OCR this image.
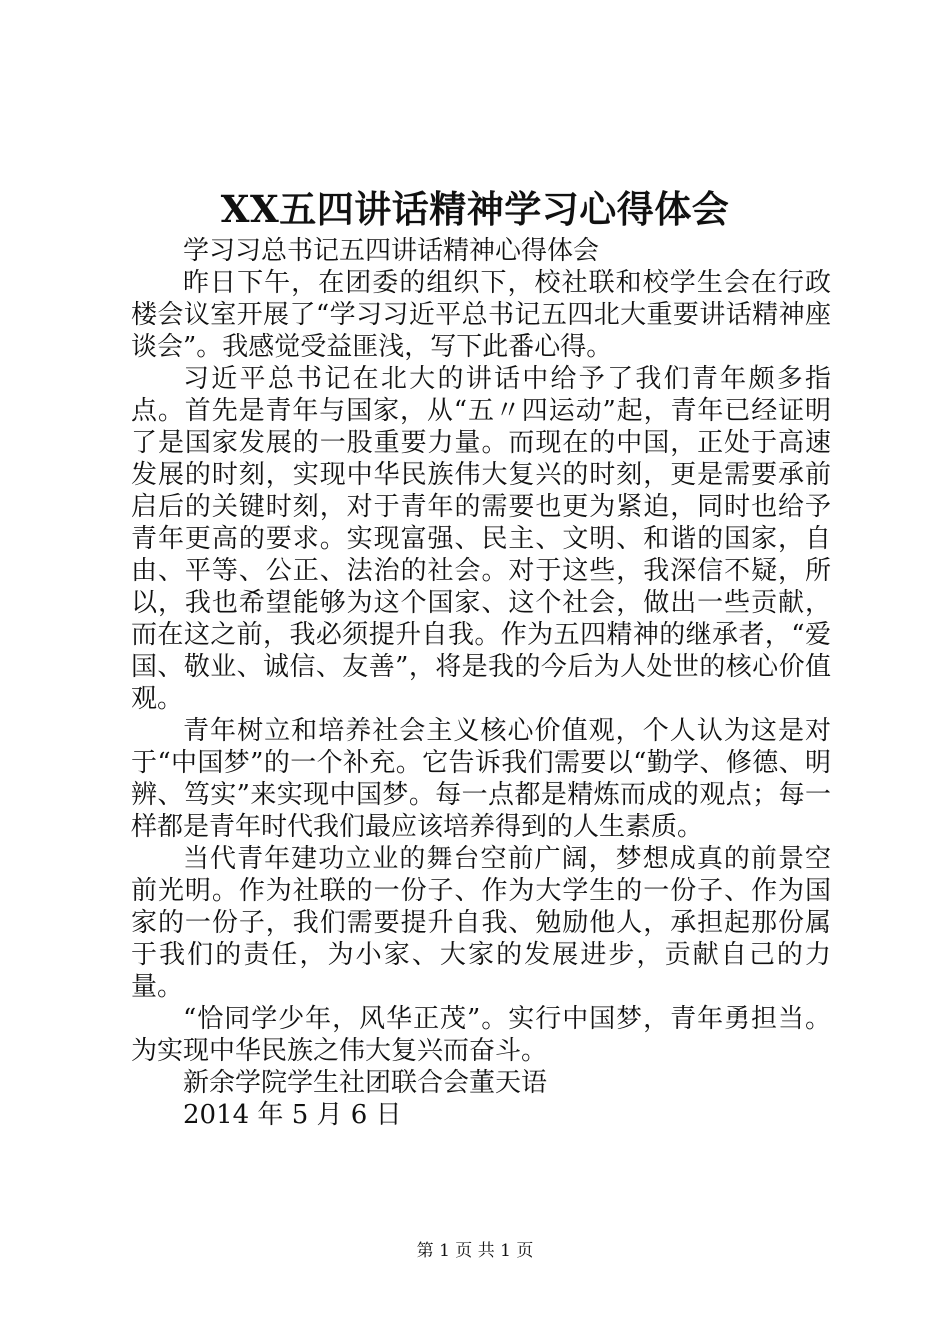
XX五四讲话精神学习心得体会

学习习总书记五四讲话精神心得体会

昨日下午，在团委的组织下，校社联和校学生会在行政楼会议室开展了“学习习近平总书记五四北大重要讲话精神座谈会”。我感觉受益匪浅，写下此番心得。

习近平总书记在北大的讲话中给予了我们青年颇多指点。首先是青年与国家，从“五〃四运动”起，青年已经证明了是国家发展的一股重要力量。而现在的中国，正处于高速发展的时刻，实现中华民族伟大复兴的时刻，更是需要承前启后的关键时刻，对于青年的需要也更为紧迫，同时也给予青年更高的要求。实现富强、民主、文明、和谐的国家，自由、平等、公正、法治的社会。对于这些，我深信不疑，所以，我也希望能够为这个国家、这个社会，做出一些贡献，而在这之前，我必须提升自我。作为五四精神的继承者，“爱国、敬业、诚信、友善”，将是我的今后为人处世的核心价值观。

青年树立和培养社会主义核心价值观，个人认为这是对于“中国梦”的一个补充。它告诉我们需要以“勤学、修德、明辨、笃实”来实现中国梦。每一点都是精炼而成的观点；每一样都是青年时代我们最应该培养得到的人生素质。

当代青年建功立业的舞台空前广阔，梦想成真的前景空前光明。作为社联的一份子、作为大学生的一份子、作为国家的一份子，我们需要提升自我、勉励他人，承担起那份属于我们的责任，为小家、大家的发展进步，贡献自己的力量。

“恰同学少年，风华正茂”。实行中国梦，青年勇担当。为实现中华民族之伟大复兴而奋斗。

新余学院学生社团联合会董天语

2014 年 5 月 6 日

第 1 页 共 1 页
